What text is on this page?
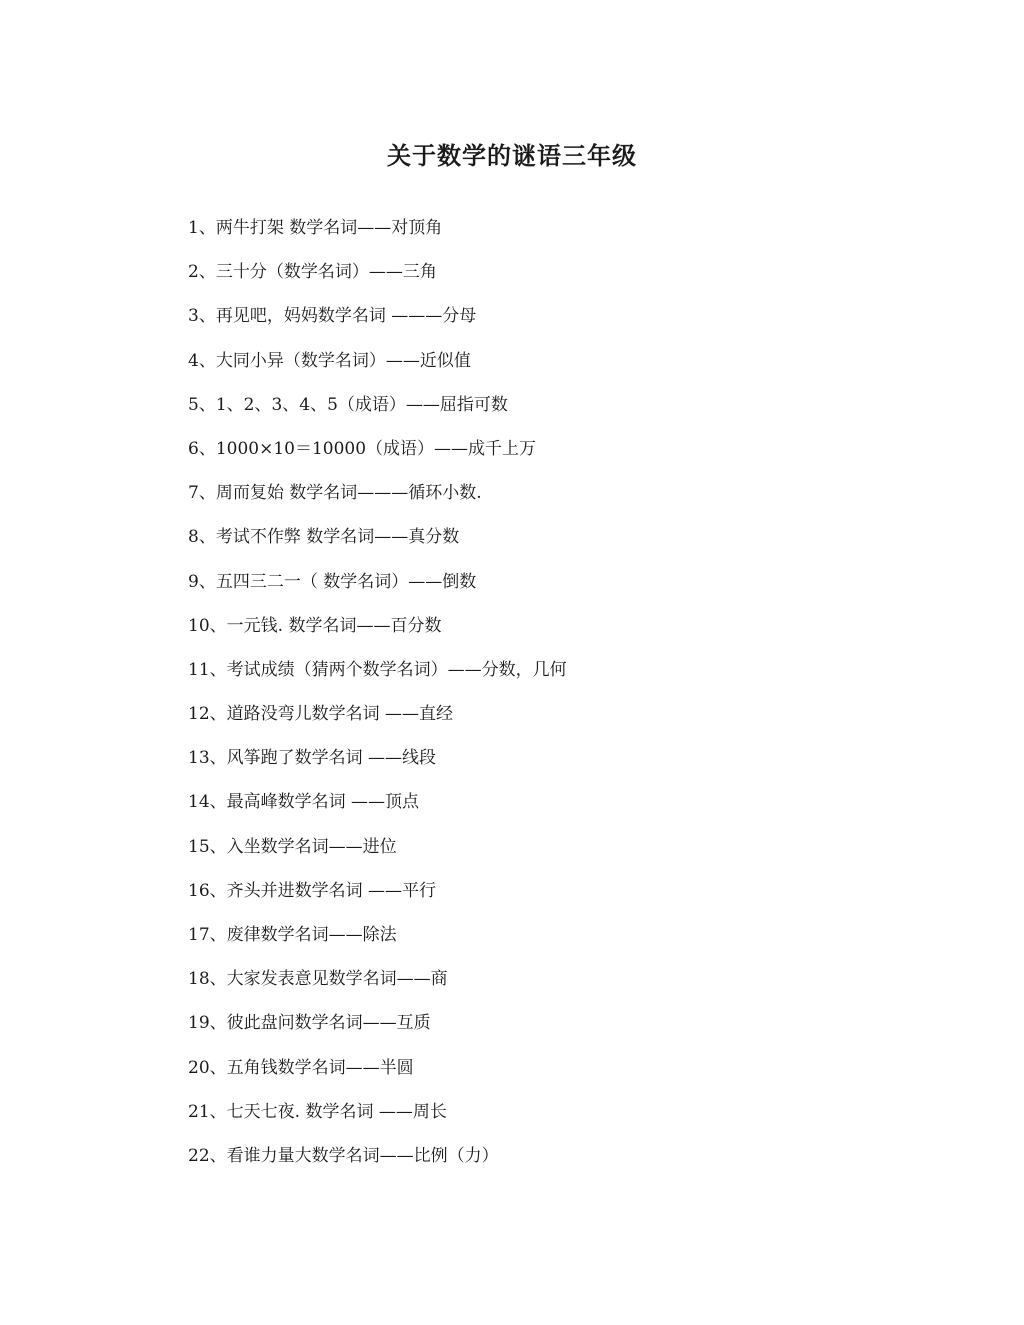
关于数学的谜语三年级
1、两牛打架 数学名词——对顶角
2、三十分（数学名词）——三角
3、再见吧，妈妈数学名词 ———分母
4、大同小异（数学名词）——近似值
5、1、2、3、4、5（成语）——屈指可数
6、1000×10＝10000（成语）——成千上万
7、周而复始 数学名词———循环小数.
8、考试不作弊 数学名词——真分数
9、五四三二一（ 数学名词）——倒数
10、一元钱. 数学名词——百分数
11、考试成绩（猜两个数学名词）——分数，几何
12、道路没弯儿数学名词 ——直经
13、风筝跑了数学名词 ——线段
14、最高峰数学名词 ——顶点
15、入坐数学名词——进位
16、齐头并进数学名词 ——平行
17、废律数学名词——除法
18、大家发表意见数学名词——商
19、彼此盘问数学名词——互质
20、五角钱数学名词——半圆
21、七天七夜. 数学名词 ——周长
22、看谁力量大数学名词——比例（力）
